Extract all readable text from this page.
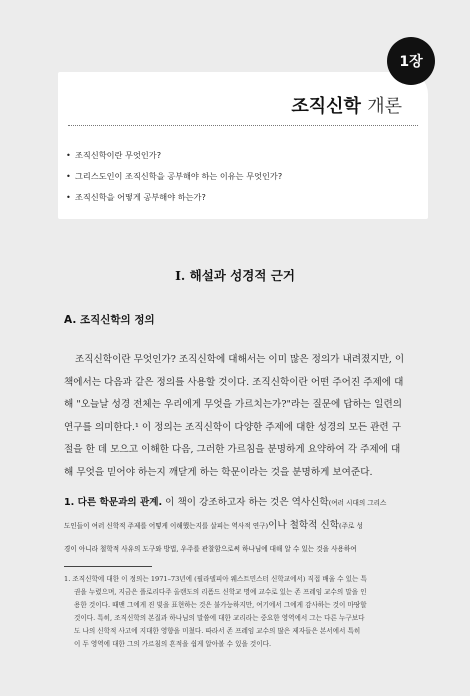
조직신학 개론
• 조직신학이란 무엇인가?
• 그리스도인이 조직신학을 공부해야 하는 이유는 무엇인가?
• 조직신학을 어떻게 공부해야 하는가?
1장
I. 해설과 성경적 근거
A. 조직신학의 정의
조직신학이란 무엇인가? 조직신학에 대해서는 이미 많은 정의가 내려졌지만, 이
책에서는 다음과 같은 정의를 사용할 것이다. 조직신학이란 어떤 주어진 주제에 대
해 "오늘날 성경 전체는 우리에게 무엇을 가르치는가?"라는 질문에 답하는 일련의
연구를 의미한다.¹ 이 정의는 조직신학이 다양한 주제에 대한 성경의 모든 관련 구
절을 한 데 모으고 이해한 다음, 그러한 가르침을 분명하게 요약하여 각 주제에 대
해 무엇을 믿어야 하는지 깨닫게 하는 학문이라는 것을 분명하게 보여준다.
1. 다른 학문과의 관계. 이 책이 강조하고자 하는 것은 역사신학(여러 시대의 그리스
도인들이 여러 신학적 주제를 어떻게 이해했는지를 살피는 역사적 연구)이나 철학적 신학(주로 성
경이 아니라 철학적 사유의 도구와 방법, 우주를 관찰함으로써 하나님에 대해 알 수 있는 것을 사용하여
1. 조직신학에 대한 이 정의는 1971–73년에 (필라델피아 웨스트민스터 신학교에서) 직접 배울 수 있는 특
권을 누렸으며, 지금은 플로리다주 올랜도의 리폼드 신학교 명예 교수로 있는 존 프레임 교수의 말을 인
용한 것이다. 때맨 그에게 진 빚을 표현하는 것은 불가능하지만, 여기에서 그에게 감사하는 것이 마땅할
것이다. 특히, 조직신학의 본질과 하나님의 말씀에 대한 교리라는 중요한 영역에서 그는 다른 누구보다
도 나의 신학적 사고에 지대한 영향을 미쳤다. 따라서 존 프레임 교수의 많은 제자들은 본서에서 특히
이 두 영역에 대한 그의 가르침의 흔적을 쉽게 알아볼 수 있을 것이다.
